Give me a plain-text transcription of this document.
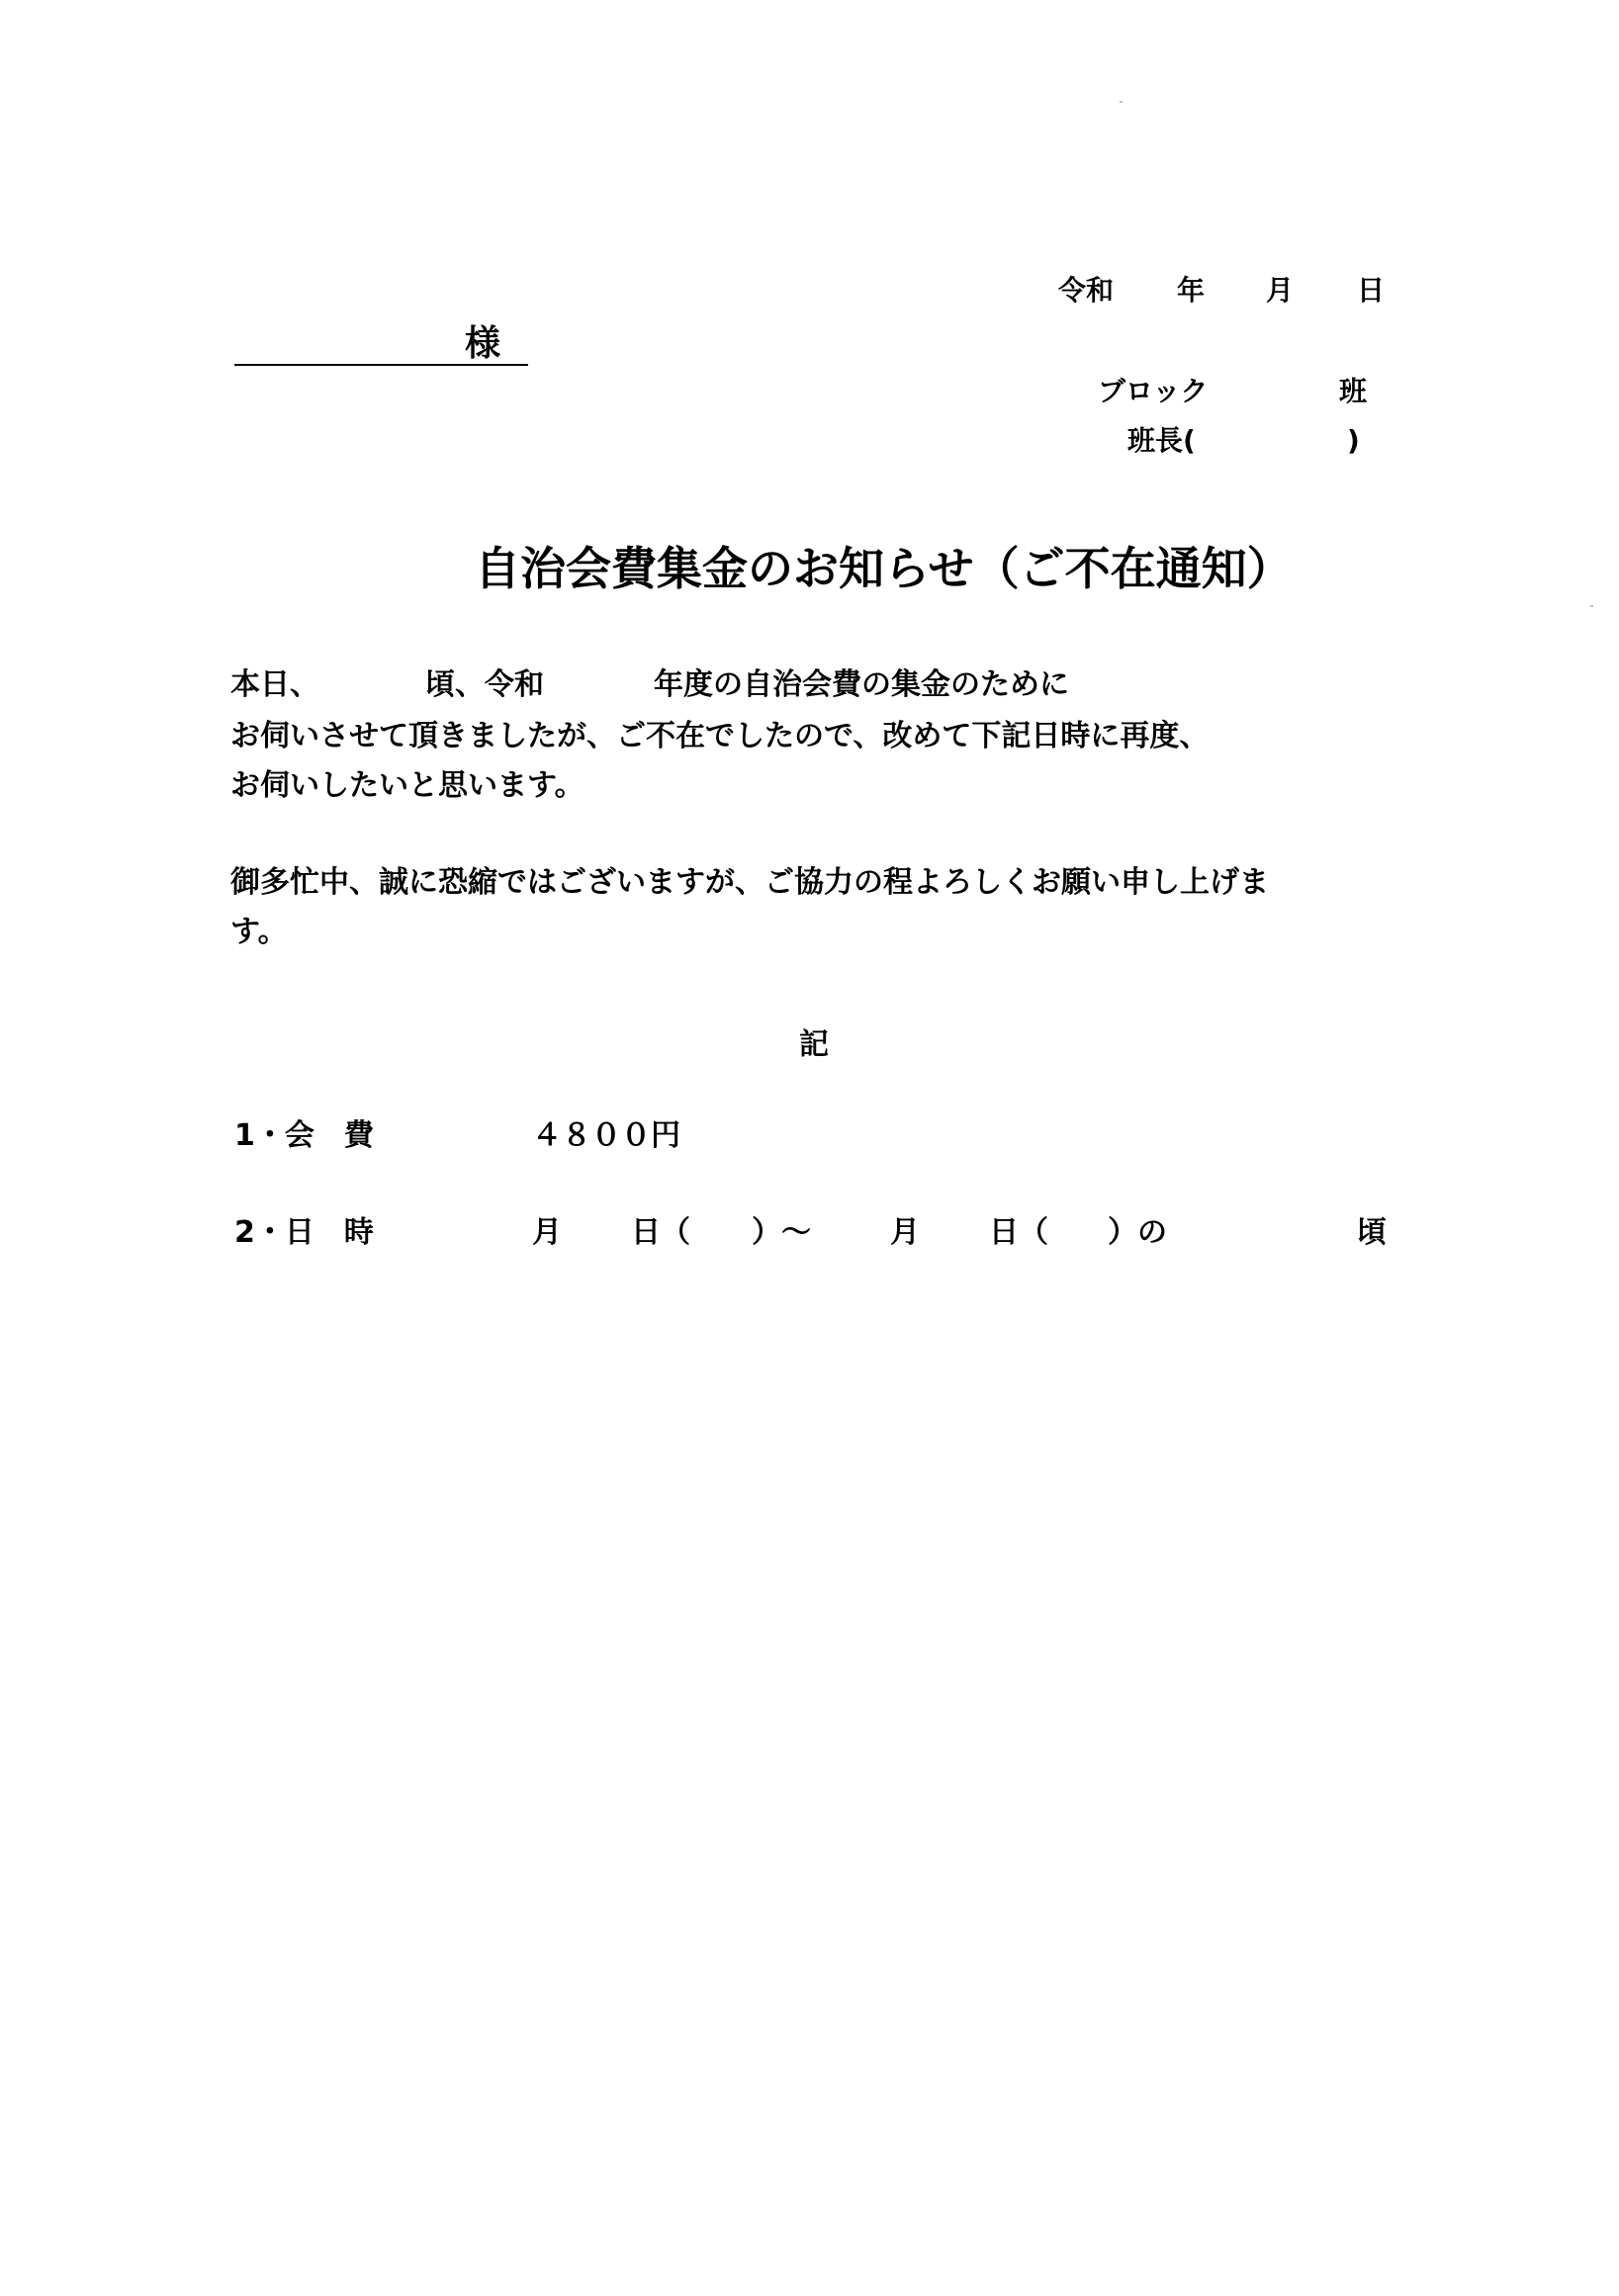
令和 年 月 日
様
ブロック	班
班長(	)
自治会費集金のお知らせ（ご不在通知）
本日、	頃、令和	年度の自治会費の集金のために
お伺いさせて頂きましたが、ご不在でしたので、改めて下記日時に再度、
お伺いしたいと思います。
御多忙中、誠に恐縮ではございますが、ご協力の程よろしくお願い申し上げま
す。
記
1・会　費	４８００円
2・日　時	月 日（ ）〜	月 日（ ）の	頃
